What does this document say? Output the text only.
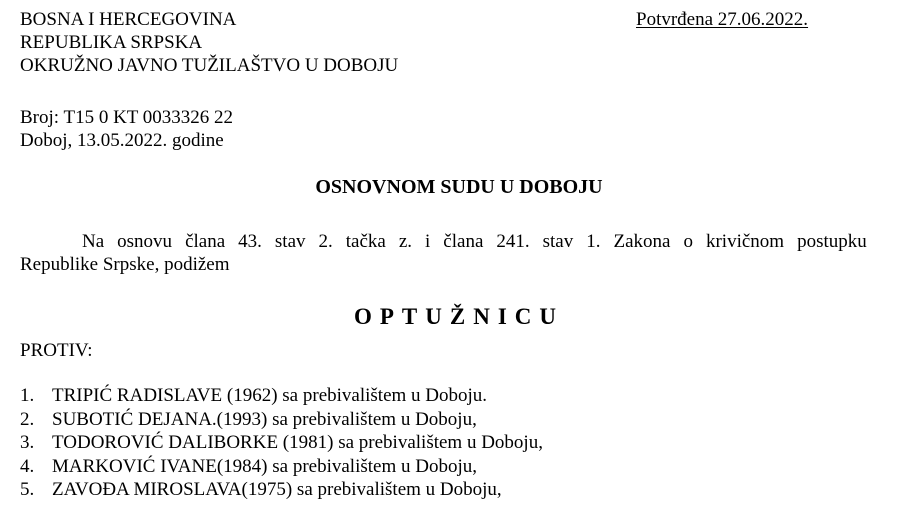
BOSNA I HERCEGOVINA
REPUBLIKA SRPSKA
OKRUŽNO JAVNO TUŽILAŠTVO U DOBOJU
Potvrđena 27.06.2022.
Broj: T15 0 KT 0033326 22
Doboj, 13.05.2022. godine
OSNOVNOM SUDU U DOBOJU
Na osnovu člana 43. stav 2. tačka z. i člana 241. stav 1. Zakona o krivičnom postupku
Republike Srpske, podižem
OPTUŽNICU
PROTIV:
1. TRIPIĆ RADISLAVE (1962) sa prebivalištem u Doboju.
2. SUBOTIĆ DEJANA.(1993) sa prebivalištem u Doboju,
3. TODOROVIĆ DALIBORKE (1981) sa prebivalištem u Doboju,
4. MARKOVIĆ IVANE(1984) sa prebivalištem u Doboju,
5. ZAVOĐA MIROSLAVA(1975) sa prebivalištem u Doboju,
